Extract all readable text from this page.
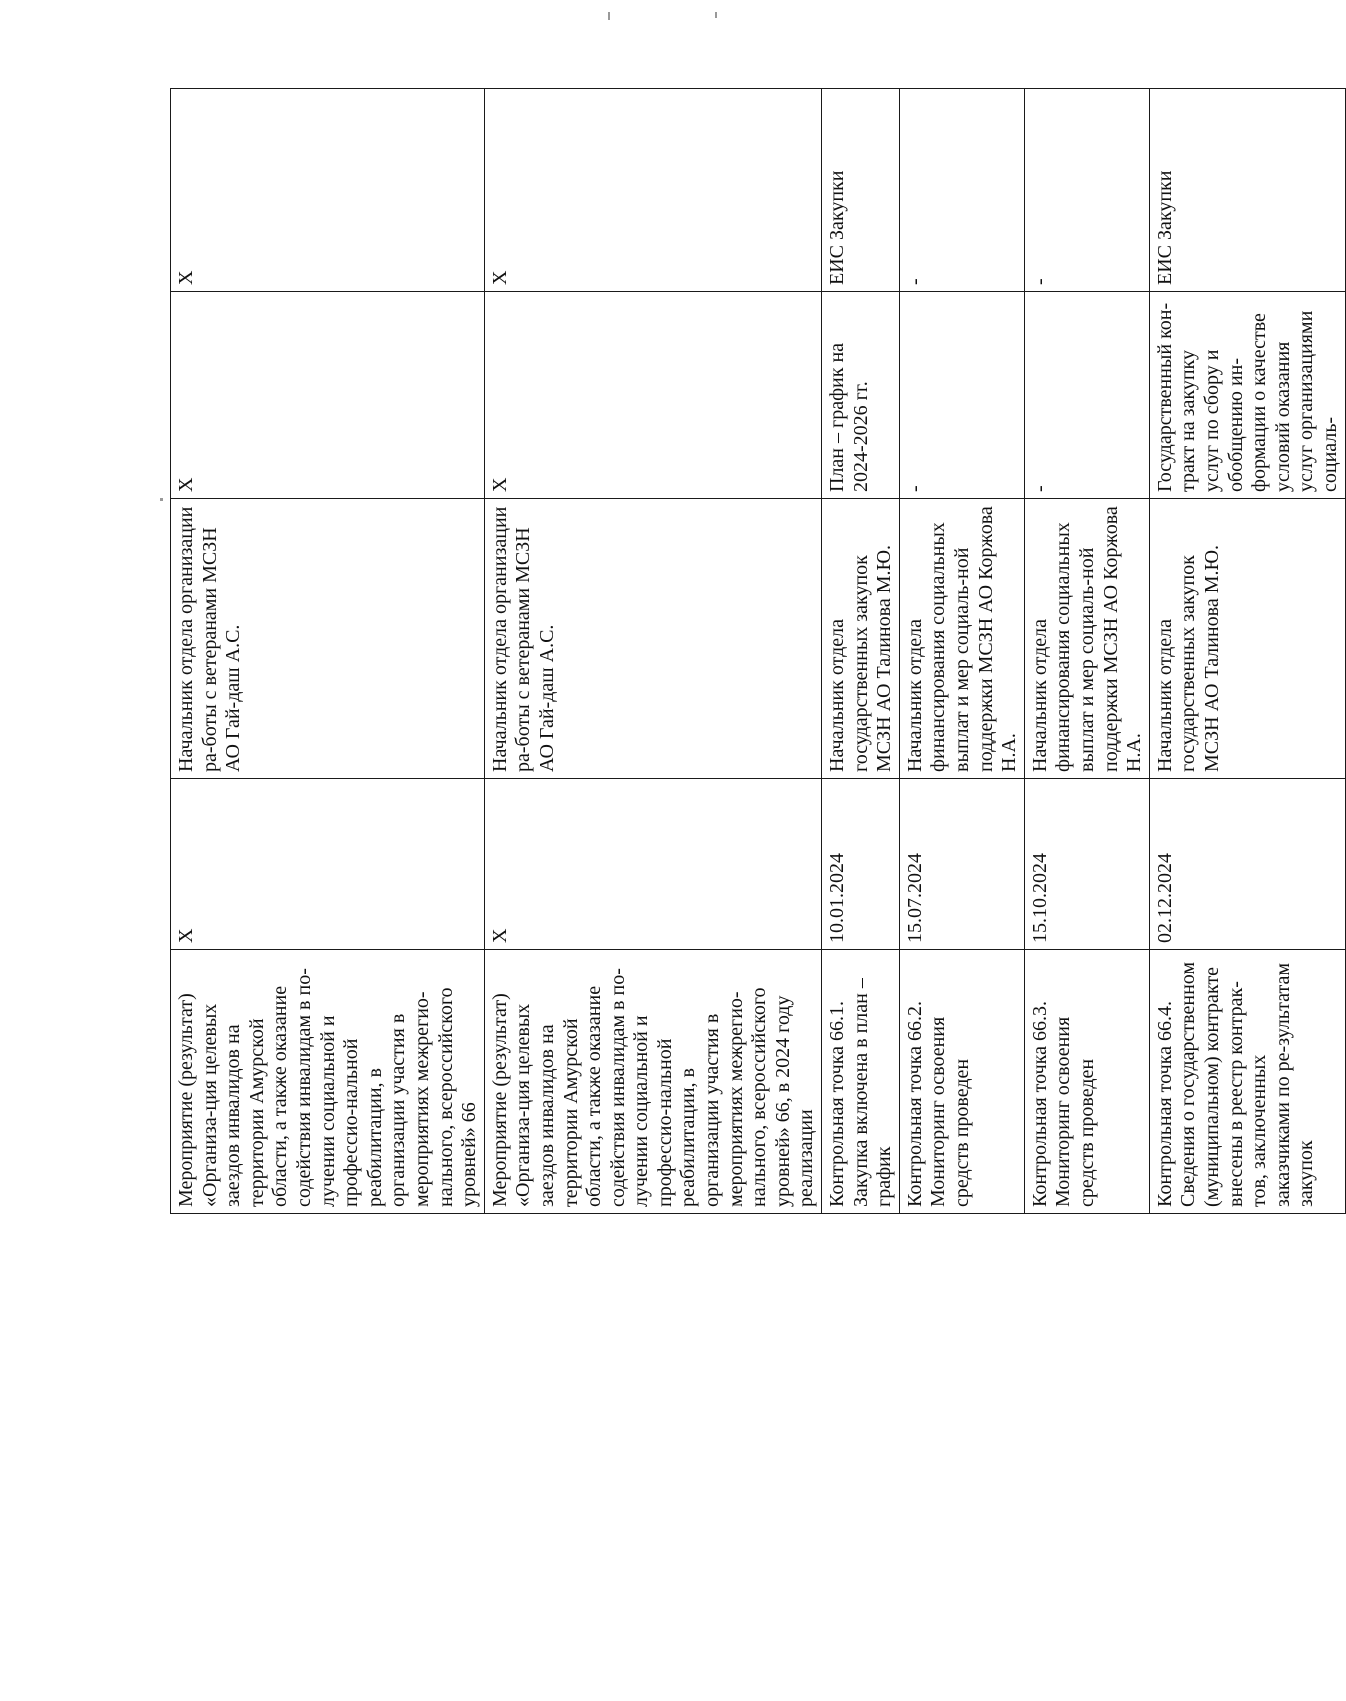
Мероприятие (результат) «Организа-ция целевых заездов инвалидов на территории Амурской области, а также оказание содействия инвалидам в по-лучении социальной и профессио-нальной реабилитации, в организации участия в мероприятиях межрегио-нального, всероссийского уровней» 66	X	Начальник отдела организации ра-боты с ветеранами МСЗН АО Гай-даш А.С.	X	X
Мероприятие (результат) «Организа-ция целевых заездов инвалидов на территории Амурской области, а также оказание содействия инвалидам в по-лучении социальной и профессио-нальной реабилитации, в организации участия в мероприятиях межрегио-нального, всероссийского уровней» 66, в 2024 году реализации	X	Начальник отдела организации ра-боты с ветеранами МСЗН АО Гай-даш А.С.	X	X
Контрольная точка 66.1. Закупка включена в план – график	10.01.2024	Начальник отдела государственных закупок МСЗН АО Талинова М.Ю.	План – график на 2024-2026 гг.	ЕИС Закупки
Контрольная точка 66.2. Мониторинг освоения средств проведен	15.07.2024	Начальник отдела финансирования социальных выплат и мер социаль-ной поддержки МСЗН АО Коржова Н.А.	-	-
Контрольная точка 66.3. Мониторинг освоения средств проведен	15.10.2024	Начальник отдела финансирования социальных выплат и мер социаль-ной поддержки МСЗН АО Коржова Н.А.	-	-
Контрольная точка 66.4. Сведения о государственном (муниципальном) контракте внесены в реестр контрак-тов, заключенных заказчиками по ре-зультатам закупок	02.12.2024	Начальник отдела государственных закупок МСЗН АО Талинова М.Ю.	Государственный кон-тракт на закупку услуг по сбору и обобщению ин-формации о качестве условий оказания услуг организациями социаль-	ЕИС Закупки
